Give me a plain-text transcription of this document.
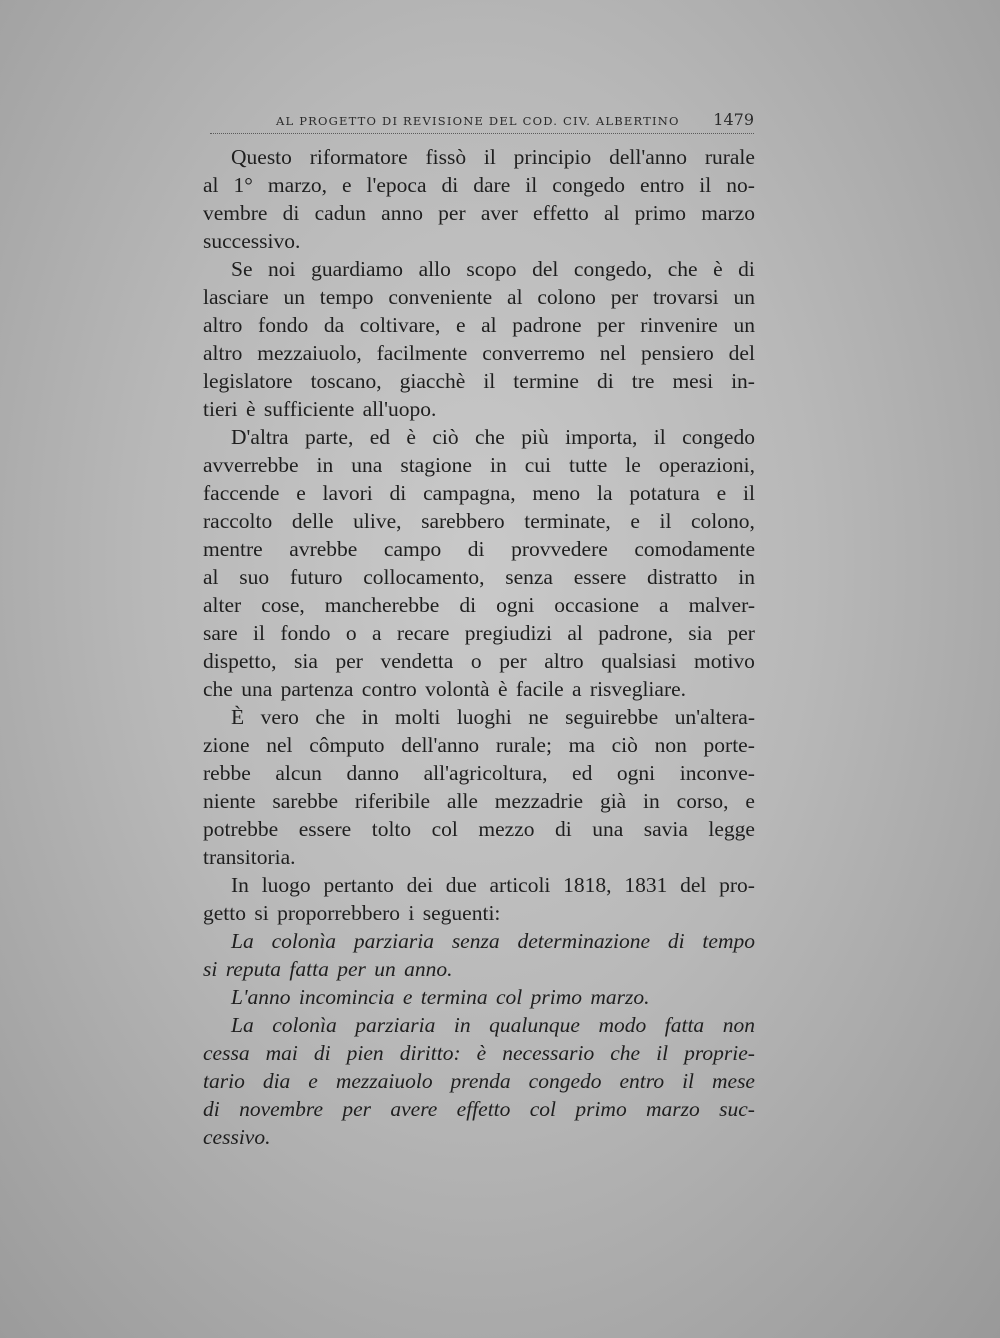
AL PROGETTO DI REVISIONE DEL COD. CIV. ALBERTINO 1479
Questo riformatore fissò il principio dell'anno rurale
al 1° marzo, e l'epoca di dare il congedo entro il no-
vembre di cadun anno per aver effetto al primo marzo
successivo.
Se noi guardiamo allo scopo del congedo, che è di
lasciare un tempo conveniente al colono per trovarsi un
altro fondo da coltivare, e al padrone per rinvenire un
altro mezzaiuolo, facilmente converremo nel pensiero del
legislatore toscano, giacchè il termine di tre mesi in-
tieri è sufficiente all'uopo.
D'altra parte, ed è ciò che più importa, il congedo
avverrebbe in una stagione in cui tutte le operazioni,
faccende e lavori di campagna, meno la potatura e il
raccolto delle ulive, sarebbero terminate, e il colono,
mentre avrebbe campo di provvedere comodamente
al suo futuro collocamento, senza essere distratto in
alter cose, mancherebbe di ogni occasione a malver-
sare il fondo o a recare pregiudizi al padrone, sia per
dispetto, sia per vendetta o per altro qualsiasi motivo
che una partenza contro volontà è facile a risvegliare.
È vero che in molti luoghi ne seguirebbe un'altera-
zione nel cômputo dell'anno rurale; ma ciò non porte-
rebbe alcun danno all'agricoltura, ed ogni inconve-
niente sarebbe riferibile alle mezzadrie già in corso, e
potrebbe essere tolto col mezzo di una savia legge
transitoria.
In luogo pertanto dei due articoli 1818, 1831 del pro-
getto si proporrebbero i seguenti:
La colonìa parziaria senza determinazione di tempo
si reputa fatta per un anno.
L'anno incomincia e termina col primo marzo.
La colonìa parziaria in qualunque modo fatta non
cessa mai di pien diritto: è necessario che il proprie-
tario dia e mezzaiuolo prenda congedo entro il mese
di novembre per avere effetto col primo marzo suc-
cessivo.
